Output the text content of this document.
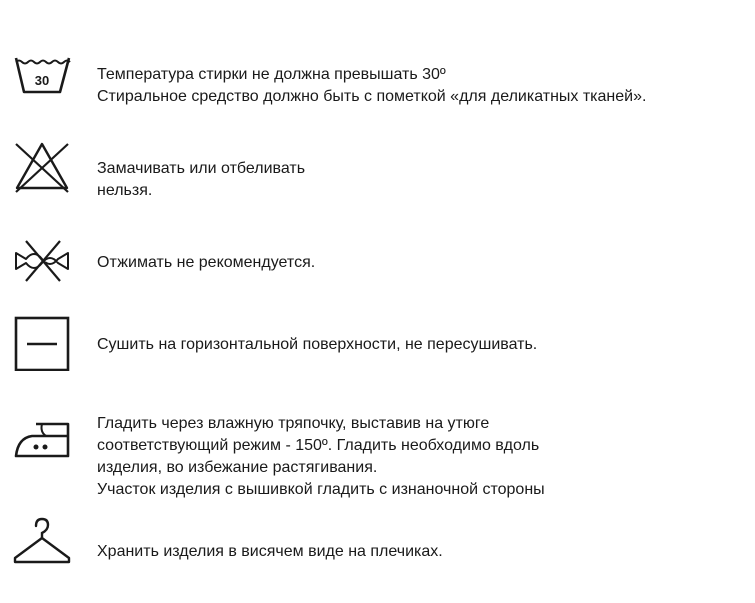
30	Температура стирки не должна превышать 30º
Стиральное средство должно быть с пометкой «для деликатных тканей».
Замачивать или отбеливать
нельзя.
Отжимать не рекомендуется.
Сушить на горизонтальной поверхности, не пересушивать.
Гладить через влажную тряпочку, выставив на утюге
соответствующий режим - 150º. Гладить необходимо вдоль
изделия, во избежание растягивания.
Участок изделия с вышивкой гладить с изнаночной стороны
Хранить изделия в висячем виде на плечиках.
